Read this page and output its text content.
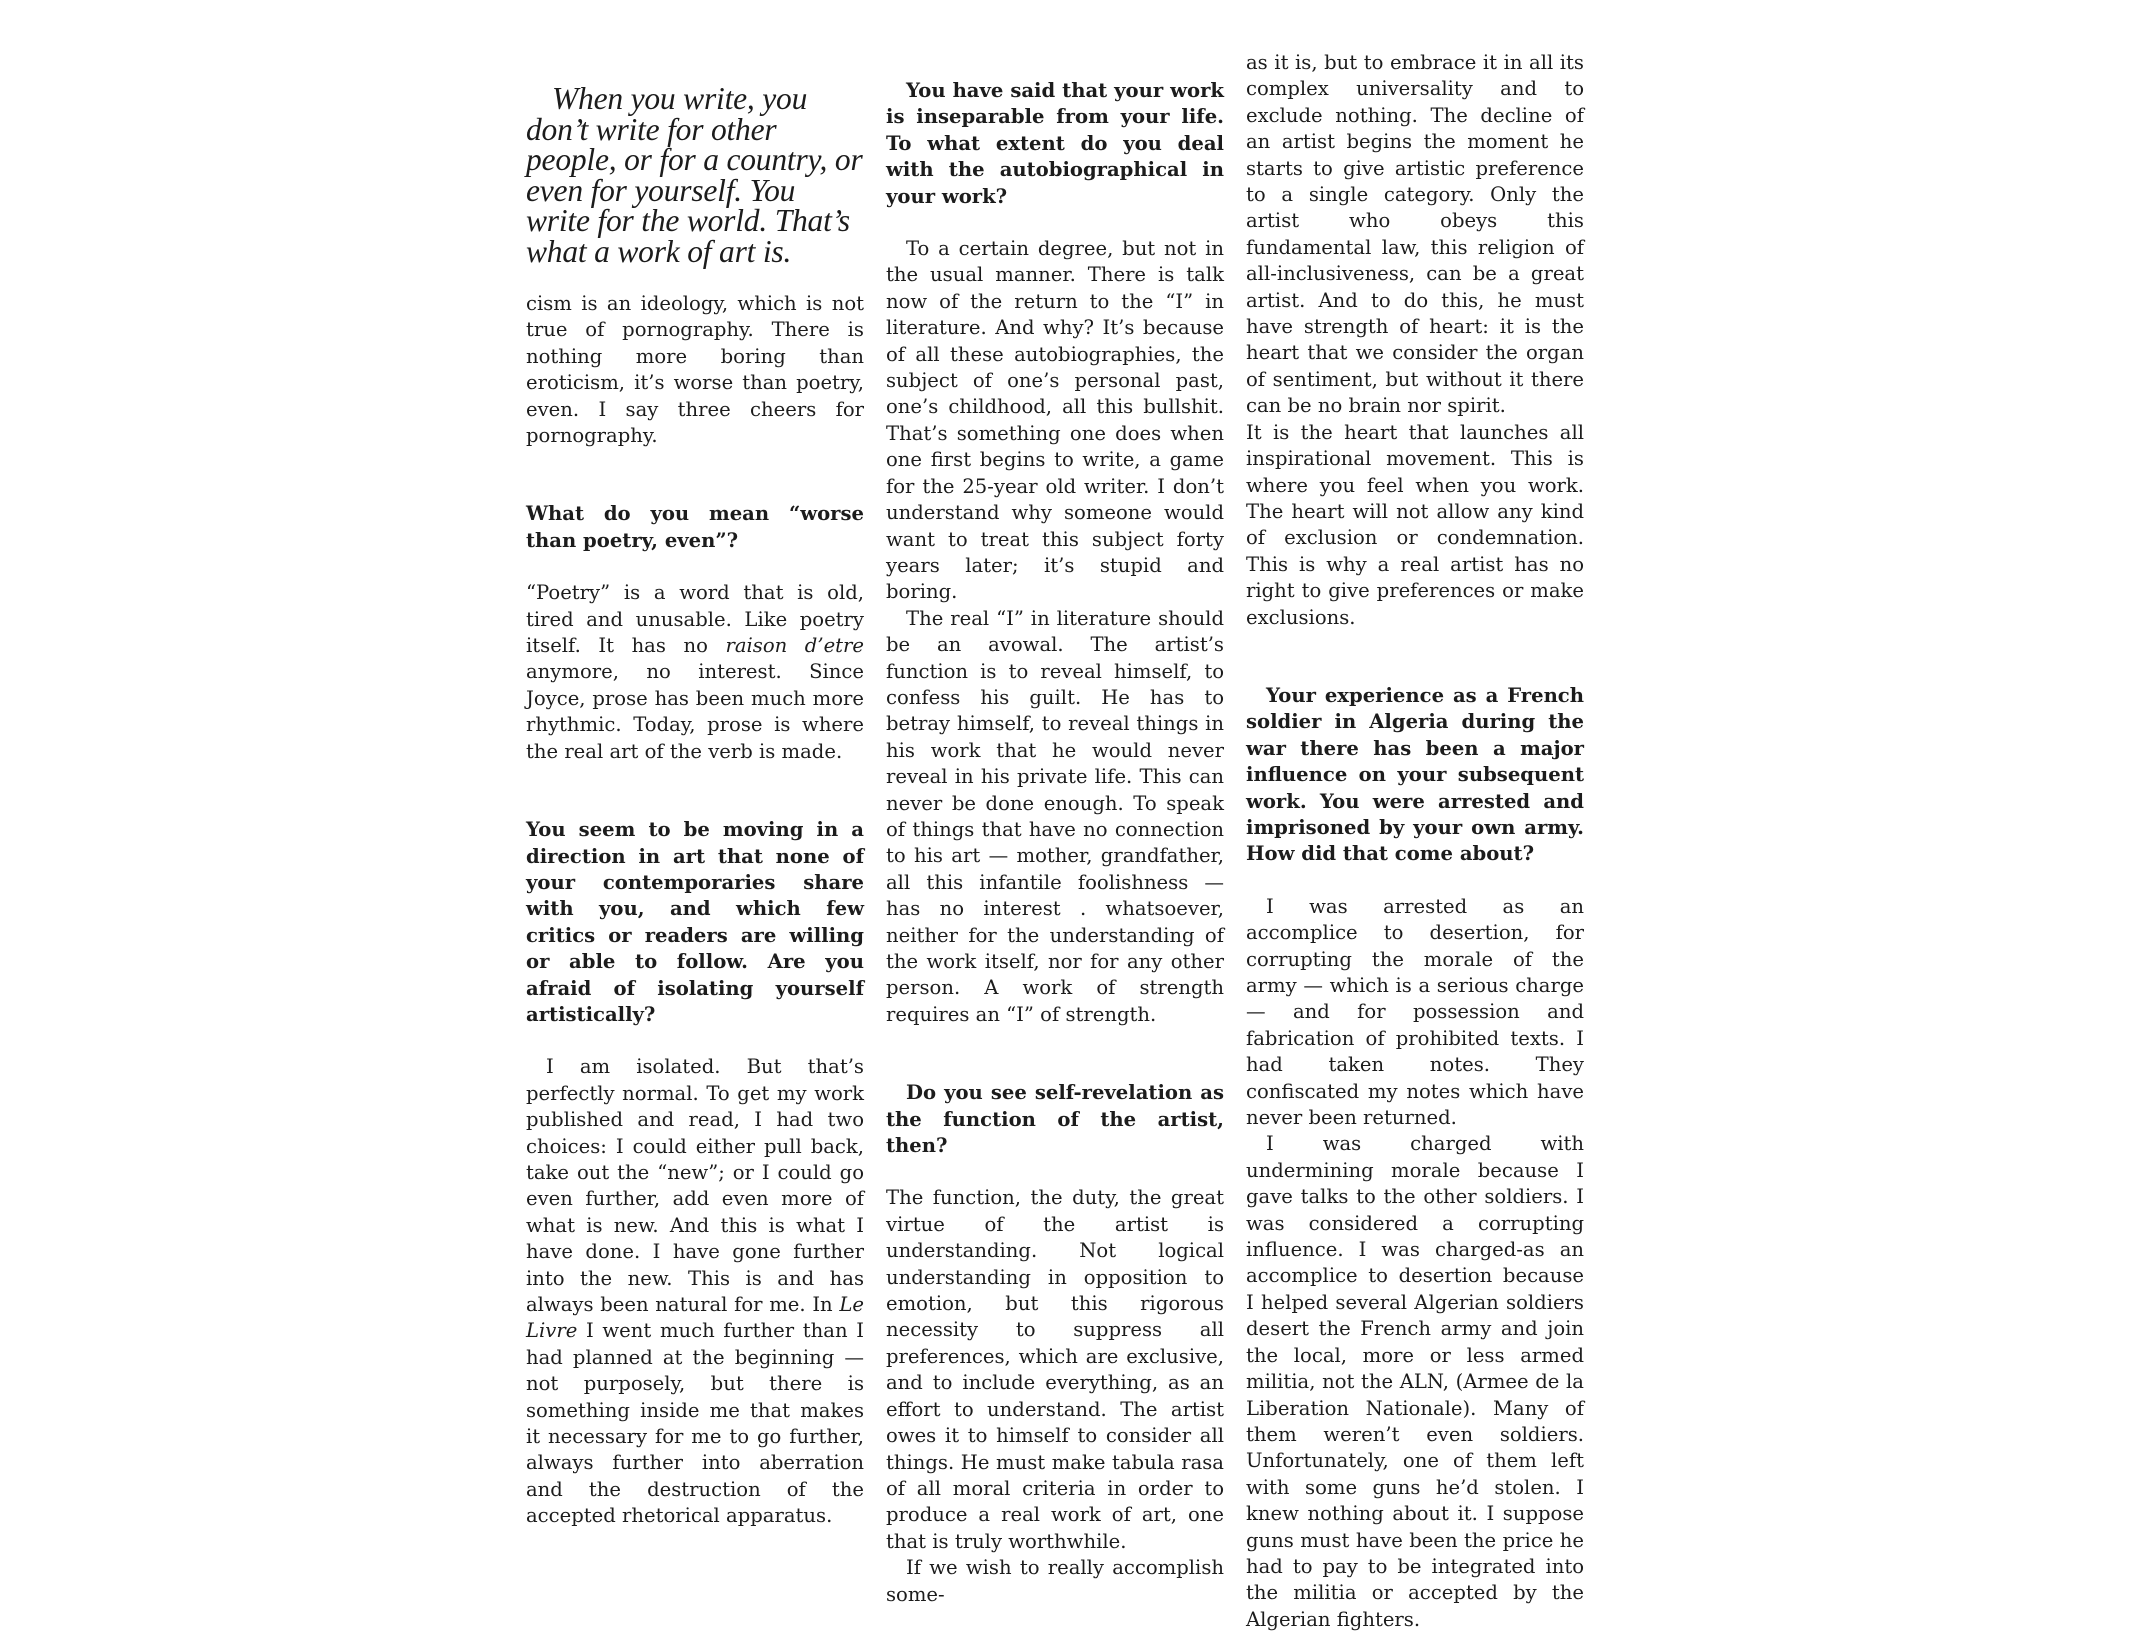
When you write, you don’t write for other people, or for a country, or even for yourself. You write for the world. That’s what a work of art is.

cism is an ideology, which is not true of pornography. There is nothing more boring than eroticism, it’s worse than poetry, even. I say three cheers for pornography.

What do you mean “worse than poetry, even”?

“Poetry” is a word that is old, tired and unusable. Like poetry itself. It has no raison d’etre anymore, no interest. Since Joyce, prose has been much more rhythmic. Today, prose is where the real art of the verb is made.

You seem to be moving in a direction in art that none of your contemporaries share with you, and which few critics or readers are willing or able to follow. Are you afraid of isolating yourself artistically?

I am isolated. But that’s perfectly normal. To get my work published and read, I had two choices: I could either pull back, take out the “new”; or I could go even further, add even more of what is new. And this is what I have done. I have gone further into the new. This is and has always been natural for me. In Le Livre I went much further than I had planned at the beginning — not purposely, but there is something inside me that makes it necessary for me to go further, always further into aberration and the destruction of the accepted rhetorical apparatus.

You have said that your work is inseparable from your life. To what extent do you deal with the autobiographical in your work?

To a certain degree, but not in the usual manner. There is talk now of the return to the “I” in literature. And why? It’s because of all these autobiographies, the subject of one’s personal past, one’s childhood, all this bullshit. That’s something one does when one first begins to write, a game for the 25-year old writer. I don’t understand why someone would want to treat this subject forty years later; it’s stupid and boring.

The real “I” in literature should be an avowal. The artist’s function is to reveal himself, to confess his guilt. He has to betray himself, to reveal things in his work that he would never reveal in his private life. This can never be done enough. To speak of things that have no connection to his art — mother, grandfather, all this infantile foolishness — has no interest . whatsoever, neither for the understanding of the work itself, nor for any other person. A work of strength requires an “I” of strength.

Do you see self-revelation as the function of the artist, then?

The function, the duty, the great virtue of the artist is understanding. Not logical understanding in opposition to emotion, but this rigorous necessity to suppress all preferences, which are exclusive, and to include everything, as an effort to understand. The artist owes it to himself to consider all things. He must make tabula rasa of all moral criteria in order to produce a real work of art, one that is truly worthwhile.

If we wish to really accomplish some-

as it is, but to embrace it in all its complex universality and to exclude nothing. The decline of an artist begins the moment he starts to give artistic preference to a single category. Only the artist who obeys this fundamental law, this religion of all-inclusiveness, can be a great artist. And to do this, he must have strength of heart: it is the heart that we consider the organ of sentiment, but without it there can be no brain nor spirit.

It is the heart that launches all inspirational movement. This is where you feel when you work. The heart will not allow any kind of exclusion or condemnation. This is why a real artist has no right to give preferences or make exclusions.

Your experience as a French soldier in Algeria during the war there has been a major influence on your subsequent work. You were arrested and imprisoned by your own army. How did that come about?

I was arrested as an accomplice to desertion, for corrupting the morale of the army — which is a serious charge — and for possession and fabrication of prohibited texts. I had taken notes. They confiscated my notes which have never been returned.

I was charged with undermining morale because I gave talks to the other soldiers. I was considered a corrupting influence. I was charged-as an accomplice to desertion because I helped several Algerian soldiers desert the French army and join the local, more or less armed militia, not the ALN, (Armee de la Liberation Nationale). Many of them weren’t even soldiers. Unfortunately, one of them left with some guns he’d stolen. I knew nothing about it. I suppose guns must have been the price he had to pay to be integrated into the militia or accepted by the Algerian fighters.
